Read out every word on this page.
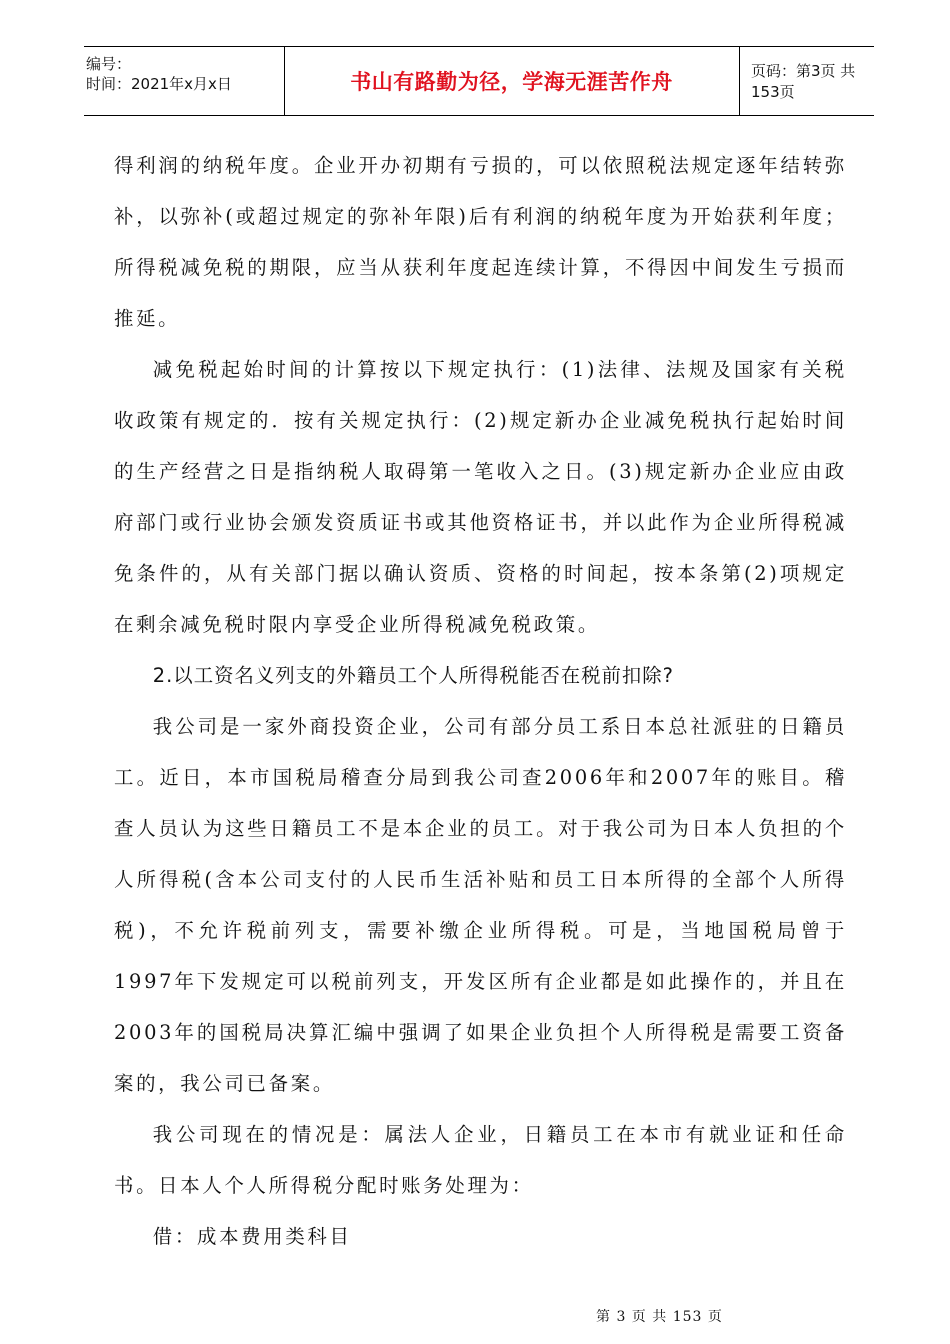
编号：
时间：2021年x月x日	书山有路勤为径，学海无涯苦作舟	页码：第3页 共153页

得利润的纳税年度。企业开办初期有亏损的，可以依照税法规定逐年结转弥补，以弥补(或超过规定的弥补年限)后有利润的纳税年度为开始获利年度；所得税减免税的期限，应当从获利年度起连续计算，不得因中间发生亏损而推延。

减免税起始时间的计算按以下规定执行：(1)法律、法规及国家有关税收政策有规定的．按有关规定执行：(2)规定新办企业减免税执行起始时间的生产经营之日是指纳税人取碍第一笔收入之日。(3)规定新办企业应由政府部门或行业协会颁发资质证书或其他资格证书，并以此作为企业所得税减免条件的，从有关部门据以确认资质、资格的时间起，按本条第(2)项规定在剩余减免税时限内享受企业所得税减免税政策。

2.以工资名义列支的外籍员工个人所得税能否在税前扣除?

我公司是一家外商投资企业，公司有部分员工系日本总社派驻的日籍员工。近日，本市国税局稽查分局到我公司查2006年和2007年的账目。稽查人员认为这些日籍员工不是本企业的员工。对于我公司为日本人负担的个人所得税(含本公司支付的人民币生活补贴和员工日本所得的全部个人所得税)，不允许税前列支，需要补缴企业所得税。可是，当地国税局曾于1997年下发规定可以税前列支，开发区所有企业都是如此操作的，并且在2003年的国税局决算汇编中强调了如果企业负担个人所得税是需要工资备案的，我公司已备案。

我公司现在的情况是：属法人企业，日籍员工在本市有就业证和任命书。日本人个人所得税分配时账务处理为：

借：成本费用类科目

第 3 页 共 153 页
